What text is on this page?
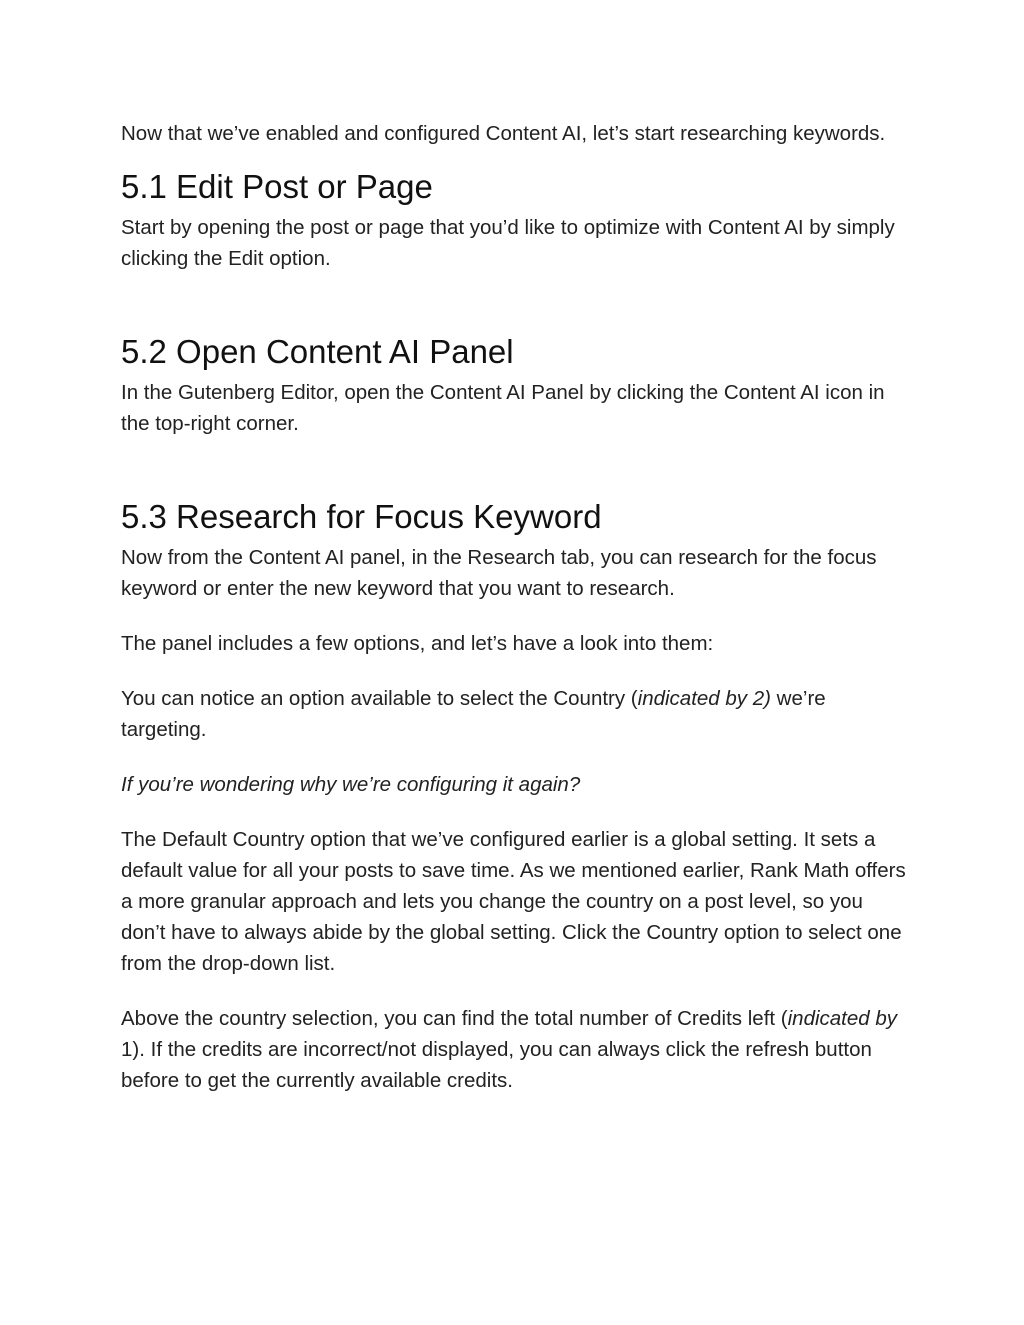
Now that we’ve enabled and configured Content AI, let’s start researching keywords.

5.1 Edit Post or Page

Start by opening the post or page that you’d like to optimize with Content AI by simply clicking the Edit option.

5.2 Open Content AI Panel

In the Gutenberg Editor, open the Content AI Panel by clicking the Content AI icon in the top-right corner.

5.3 Research for Focus Keyword

Now from the Content AI panel, in the Research tab, you can research for the focus keyword or enter the new keyword that you want to research.

The panel includes a few options, and let’s have a look into them:

You can notice an option available to select the Country (indicated by 2) we’re targeting.

If you’re wondering why we’re configuring it again?

The Default Country option that we’ve configured earlier is a global setting. It sets a default value for all your posts to save time. As we mentioned earlier, Rank Math offers a more granular approach and lets you change the country on a post level, so you don’t have to always abide by the global setting. Click the Country option to select one from the drop-down list.

Above the country selection, you can find the total number of Credits left (indicated by 1). If the credits are incorrect/not displayed, you can always click the refresh button before to get the currently available credits.
